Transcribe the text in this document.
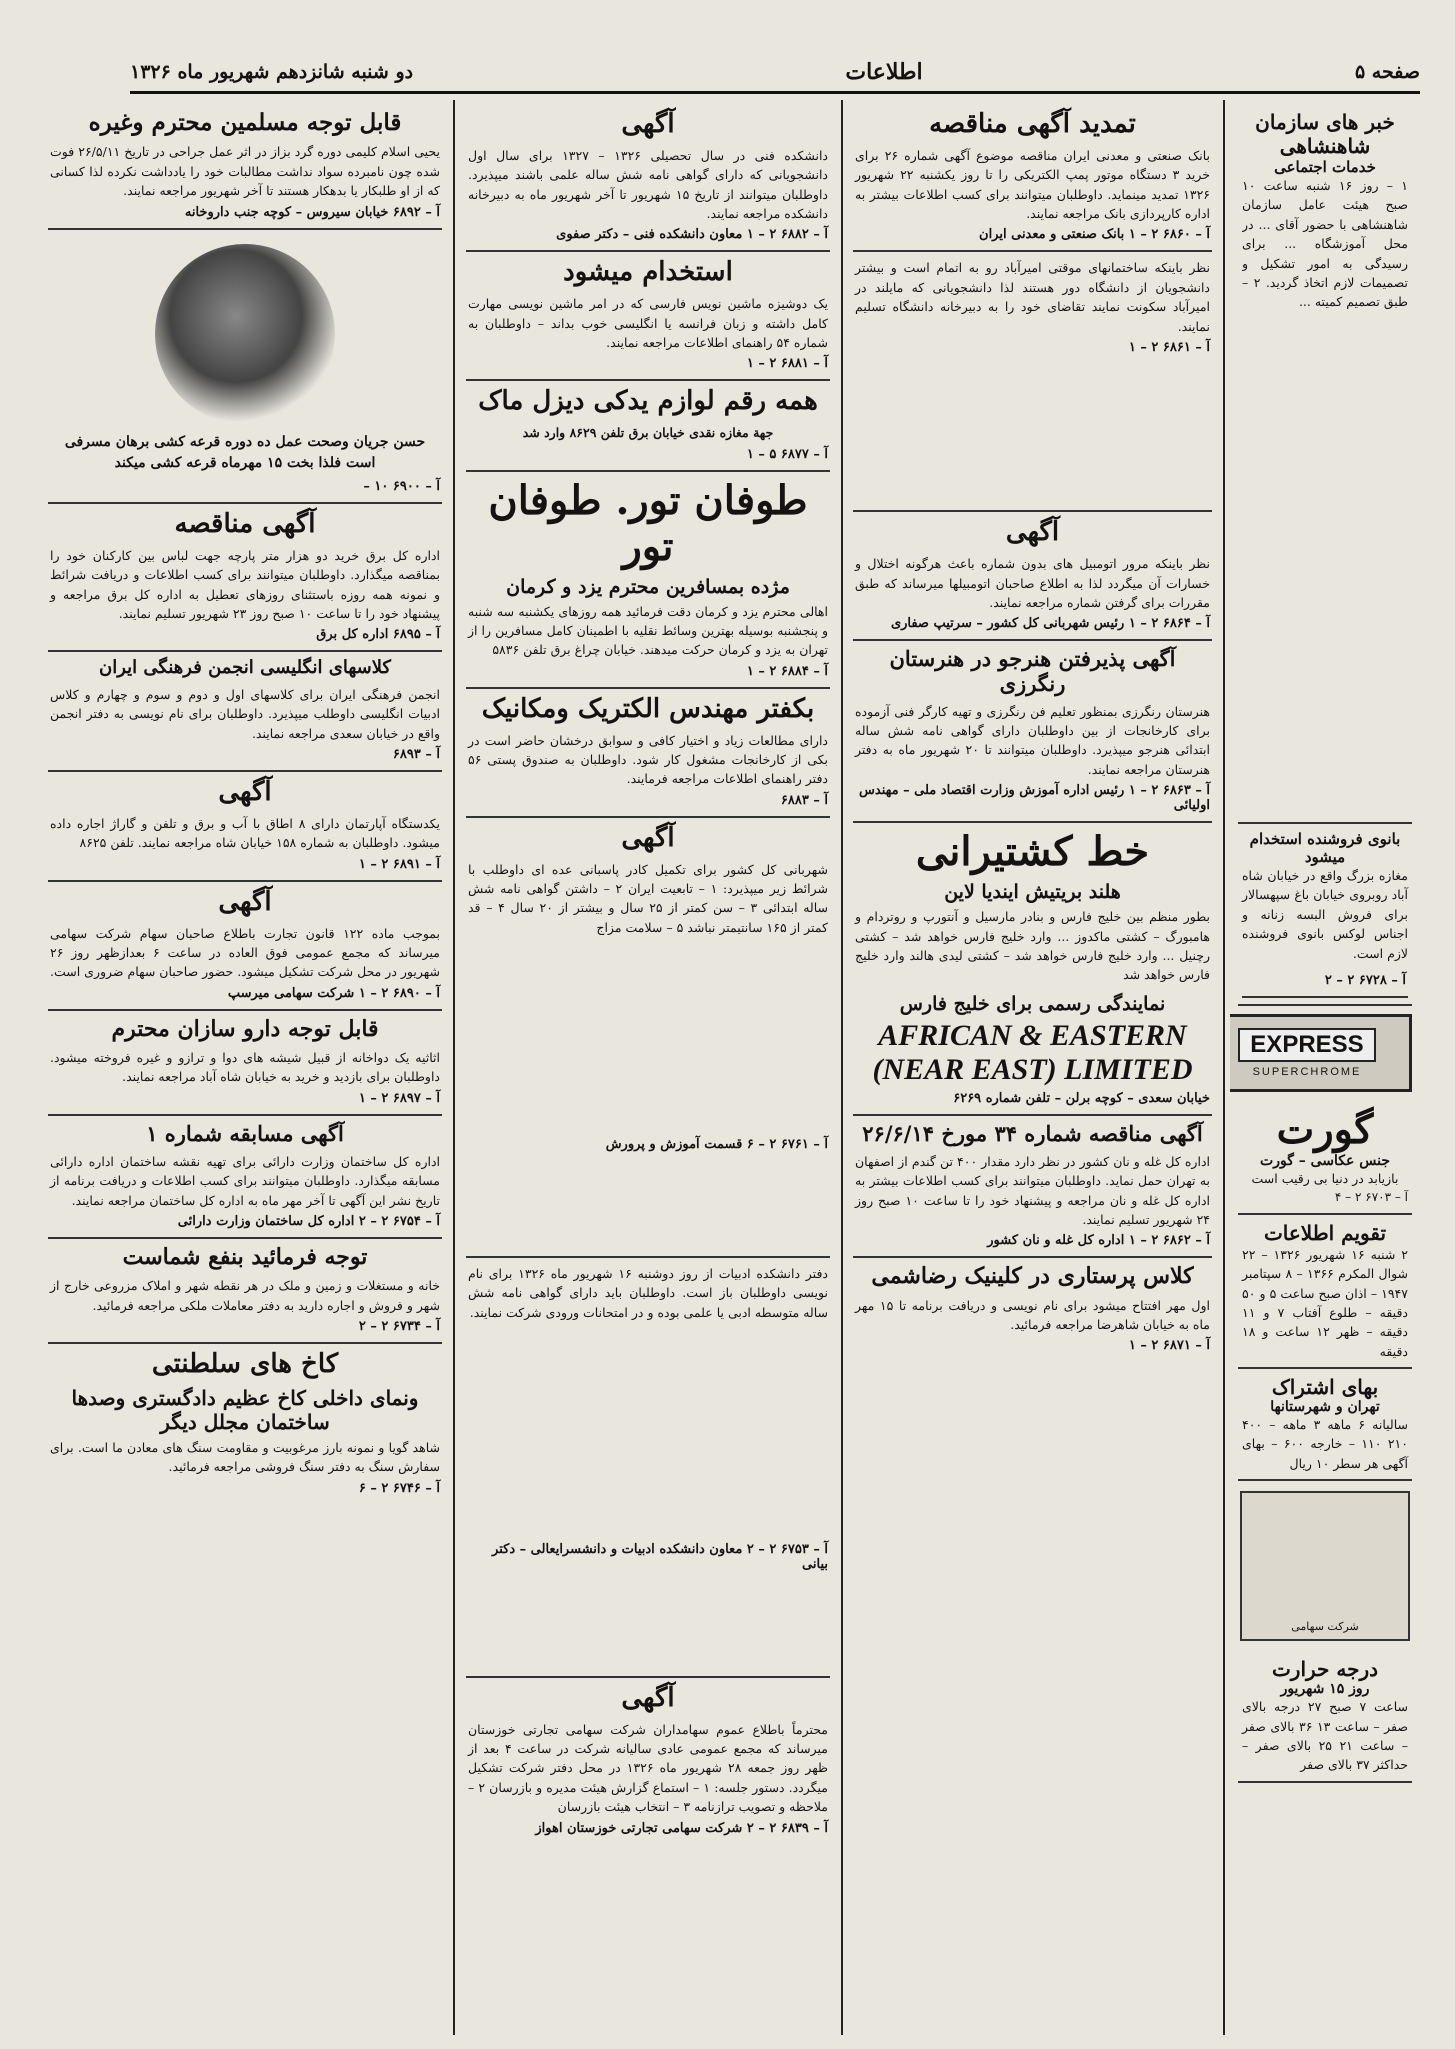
صفحه ۵
اطلاعات
دو شنبه شانزدهم شهریور ماه ۱۳۲۶
خبر های سازمان شاهنشاهی
خدمات اجتماعی

۱ – روز ۱۶ شنبه ساعت ۱۰ صبح هیئت عامل سازمان شاهنشاهی با حضور آقای ... در محل آموزشگاه ... برای رسیدگی به امور تشکیل و تصمیمات لازم اتخاذ گردید. ۲ – طبق تصمیم کمیته ...

بانوی فروشنده استخدام میشود

مغازه بزرگ واقع در خیابان شاه آباد روبروی خیابان باغ سپهسالار برای فروش البسه زنانه و اجناس لوکس بانوی فروشنده لازم است.

آ – ۶۷۲۸ ۲ – ۲
EXPRESS
SUPERCHROME
گورت
جنس عکاسی – گورت

بازیابد در دنیا بی رقیب است

آ – ۶۷۰۳ ۲ – ۴

تقویم اطلاعات

۲ شنبه ۱۶ شهریور ۱۳۲۶ – ۲۲ شوال المکرم ۱۳۶۶ – ۸ سپتامبر ۱۹۴۷ – اذان صبح ساعت ۵ و ۵۰ دقیقه – طلوع آفتاب ۷ و ۱۱ دقیقه – ظهر ۱۲ ساعت و ۱۸ دقیقه

بهای اشتراک
تهران و شهرستانها

سالیانه ۶ ماهه ۳ ماهه – ۴۰۰ ۲۱۰ ۱۱۰ – خارجه ۶۰۰ – بهای آگهی هر سطر ۱۰ ریال

شرکت سهامی
درجه حرارت
روز ۱۵ شهریور

ساعت ۷ صبح ۲۷ درجه بالای صفر – ساعت ۱۳ ۳۶ بالای صفر – ساعت ۲۱ ۲۵ بالای صفر – حداکثر ۳۷ بالای صفر

تمدید آگهی مناقصه

بانک صنعتی و معدنی ایران مناقصه موضوع آگهی شماره ۲۶ برای خرید ۳ دستگاه موتور پمپ الکتریکی را تا روز یکشنبه ۲۲ شهریور ۱۳۲۶ تمدید مینماید. داوطلبان میتوانند برای کسب اطلاعات بیشتر به اداره کارپردازی بانک مراجعه نمایند.

آ – ۶۸۶۰ ۲ – ۱ بانک صنعتی و معدنی ایران

نظر باینکه ساختمانهای موقتی امیرآباد رو به اتمام است و بیشتر دانشجویان از دانشگاه دور هستند لذا دانشجویانی که مایلند در امیرآباد سکونت نمایند تقاضای خود را به دبیرخانه دانشگاه تسلیم نمایند.

آ – ۶۸۶۱ ۲ – ۱
آگهی

نظر باینکه مرور اتومبیل های بدون شماره باعث هرگونه اختلال و خسارات آن میگردد لذا به اطلاع صاحبان اتومبیلها میرساند که طبق مقررات برای گرفتن شماره مراجعه نمایند.

آ – ۶۸۶۴ ۲ – ۱ رئیس شهربانی کل کشور – سرتیپ صفاری
آگهی پذیرفتن هنرجو در هنرستان رنگرزی

هنرستان رنگرزی بمنظور تعلیم فن رنگرزی و تهیه کارگر فنی آزموده برای کارخانجات از بین داوطلبان دارای گواهی نامه شش ساله ابتدائی هنرجو میپذیرد. داوطلبان میتوانند تا ۲۰ شهریور ماه به دفتر هنرستان مراجعه نمایند.

آ – ۶۸۶۳ ۲ – ۱ رئیس اداره آموزش وزارت اقتصاد ملی – مهندس اولیائی
خط کشتیرانی
هلند بریتیش ایندیا لاین

بطور منظم بین خلیج فارس و بنادر مارسیل و آنتورپ و روتردام و هامبورگ – کشتی ماکدوز ... وارد خلیج فارس خواهد شد – کشتی رچنیل ... وارد خلیج فارس خواهد شد – کشتی لیدی هالند وارد خلیج فارس خواهد شد

نمایندگی رسمی برای خلیج فارس
AFRICAN & EASTERN
(NEAR EAST) LIMITED
خیابان سعدی – کوچه برلن – تلفن شماره ۶۲۶۹
آگهی مناقصه شماره ۳۴ مورخ ۲۶/۶/۱۴

اداره کل غله و نان کشور در نظر دارد مقدار ۴۰۰ تن گندم از اصفهان به تهران حمل نماید. داوطلبان میتوانند برای کسب اطلاعات بیشتر به اداره کل غله و نان مراجعه و پیشنهاد خود را تا ساعت ۱۰ صبح روز ۲۴ شهریور تسلیم نمایند.

آ – ۶۸۶۲ ۲ – ۱ اداره کل غله و نان کشور
کلاس پرستاری در کلینیک رضاشمی

اول مهر افتتاح میشود برای نام نویسی و دریافت برنامه تا ۱۵ مهر ماه به خیابان شاهرضا مراجعه فرمائید.

آ – ۶۸۷۱ ۲ – ۱
آگهی

دانشکده فنی در سال تحصیلی ۱۳۲۶ – ۱۳۲۷ برای سال اول دانشجویانی که دارای گواهی نامه شش ساله علمی باشند میپذیرد. داوطلبان میتوانند از تاریخ ۱۵ شهریور تا آخر شهریور ماه به دبیرخانه دانشکده مراجعه نمایند.

آ – ۶۸۸۲ ۲ – ۱ معاون دانشکده فنی – دکتر صفوی
استخدام میشود

یک دوشیزه ماشین نویس فارسی که در امر ماشین نویسی مهارت کامل داشته و زبان فرانسه یا انگلیسی خوب بداند – داوطلبان به شماره ۵۴ راهنمای اطلاعات مراجعه نمایند.

آ – ۶۸۸۱ ۲ – ۱
همه رقم لوازم یدکی دیزل ماک

جهة مغازه نقدی خیابان برق تلفن ۸۶۲۹ وارد شد

آ – ۶۸۷۷ ۵ – ۱
طوفان تور. طوفان تور
مژده بمسافرین محترم یزد و کرمان

اهالی محترم یزد و کرمان دقت فرمائید همه روزهای یکشنبه سه شنبه و پنجشنبه بوسیله بهترین وسائط نقلیه با اطمینان کامل مسافرین را از تهران به یزد و کرمان حرکت میدهند. خیابان چراغ برق تلفن ۵۸۳۶

آ – ۶۸۸۴ ۲ – ۱
بکفتر مهندس الکتریک ومکانیک

دارای مطالعات زیاد و اختیار کافی و سوابق درخشان حاضر است در بکی از کارخانجات مشغول کار شود. داوطلبان به صندوق پستی ۵۶ دفتر راهنمای اطلاعات مراجعه فرمایند.

آ – ۶۸۸۳
آگهی

شهربانی کل کشور برای تکمیل کادر پاسبانی عده ای داوطلب با شرائط زیر میپذیرد: ۱ – تابعیت ایران ۲ – داشتن گواهی نامه شش ساله ابتدائی ۳ – سن کمتر از ۲۵ سال و بیشتر از ۲۰ سال ۴ – قد کمتر از ۱۶۵ سانتیمتر نباشد ۵ – سلامت مزاج

آ – ۶۷۶۱ ۲ – ۶ قسمت آموزش و پرورش

دفتر دانشکده ادبیات از روز دوشنبه ۱۶ شهریور ماه ۱۳۲۶ برای نام نویسی داوطلبان باز است. داوطلبان باید دارای گواهی نامه شش ساله متوسطه ادبی یا علمی بوده و در امتحانات ورودی شرکت نمایند.

آ – ۶۷۵۳ ۲ – ۲ معاون دانشکده ادبیات و دانشسرایعالی – دکتر بیانی
آگهی

محترماً باطلاع عموم سهامداران شرکت سهامی تجارتی خوزستان میرساند که مجمع عمومی عادی سالیانه شرکت در ساعت ۴ بعد از ظهر روز جمعه ۲۸ شهریور ماه ۱۳۲۶ در محل دفتر شرکت تشکیل میگردد. دستور جلسه: ۱ – استماع گزارش هیئت مدیره و بازرسان ۲ – ملاحظه و تصویب ترازنامه ۳ – انتخاب هیئت بازرسان

آ – ۶۸۳۹ ۲ – ۲ شرکت سهامی تجارتی خوزستان اهواز
قابل توجه مسلمین محترم وغیره

یحیی اسلام کلیمی دوره گرد بزاز در اثر عمل جراحی در تاریخ ۲۶/۵/۱۱ فوت شده چون نامبرده سواد نداشت مطالبات خود را یادداشت نکرده لذا کسانی که از او طلبکار یا بدهکار هستند تا آخر شهریور مراجعه نمایند.

آ – ۶۸۹۲ خیابان سیروس – کوچه جنب داروخانه

حسن جریان وصحت عمل ده دوره قرعه کشی برهان مسرفی است فلذا بخت ۱۵ مهرماه قرعه کشی میکند

آ – ۶۹۰۰ ۱۰ –
آگهی مناقصه

اداره کل برق خرید دو هزار متر پارچه جهت لباس بین کارکنان خود را بمناقصه میگذارد. داوطلبان میتوانند برای کسب اطلاعات و دریافت شرائط و نمونه همه روزه باستثنای روزهای تعطیل به اداره کل برق مراجعه و پیشنهاد خود را تا ساعت ۱۰ صبح روز ۲۳ شهریور تسلیم نمایند.

آ – ۶۸۹۵ اداره کل برق
کلاسهای انگلیسی انجمن فرهنگی ایران

انجمن فرهنگی ایران برای کلاسهای اول و دوم و سوم و چهارم و کلاس ادبیات انگلیسی داوطلب میپذیرد. داوطلبان برای نام نویسی به دفتر انجمن واقع در خیابان سعدی مراجعه نمایند.

آ – ۶۸۹۳
آگهی

یکدستگاه آپارتمان دارای ۸ اطاق با آب و برق و تلفن و گاراژ اجاره داده میشود. داوطلبان به شماره ۱۵۸ خیابان شاه مراجعه نمایند. تلفن ۸۶۲۵

آ – ۶۸۹۱ ۲ – ۱
آگهی

بموجب ماده ۱۲۲ قانون تجارت باطلاع صاحبان سهام شرکت سهامی میرساند که مجمع عمومی فوق العاده در ساعت ۶ بعدازظهر روز ۲۶ شهریور در محل شرکت تشکیل میشود. حضور صاحبان سهام ضروری است.

آ – ۶۸۹۰ ۲ – ۱ شرکت سهامی میرسپ
قابل توجه دارو سازان محترم

اثاثیه یک دواخانه از قبیل شیشه های دوا و ترازو و غیره فروخته میشود. داوطلبان برای بازدید و خرید به خیابان شاه آباد مراجعه نمایند.

آ – ۶۸۹۷ ۲ – ۱
آگهی مسابقه شماره ۱

اداره کل ساختمان وزارت دارائی برای تهیه نقشه ساختمان اداره دارائی مسابقه میگذارد. داوطلبان میتوانند برای کسب اطلاعات و دریافت برنامه از تاریخ نشر این آگهی تا آخر مهر ماه به اداره کل ساختمان مراجعه نمایند.

آ – ۶۷۵۴ ۲ – ۲ اداره کل ساختمان وزارت دارائی
توجه فرمائید بنفع شماست

خانه و مستغلات و زمین و ملک در هر نقطه شهر و املاک مزروعی خارج از شهر و فروش و اجاره دارید به دفتر معاملات ملکی مراجعه فرمائید.

آ – ۶۷۳۴ ۲ – ۲
کاخ های سلطنتی
ونمای داخلی کاخ عظیم دادگستری وصدها ساختمان مجلل دیگر

شاهد گویا و نمونه بارز مرغوبیت و مقاومت سنگ های معادن ما است. برای سفارش سنگ به دفتر سنگ فروشی مراجعه فرمائید.

آ – ۶۷۴۶ ۲ – ۶
